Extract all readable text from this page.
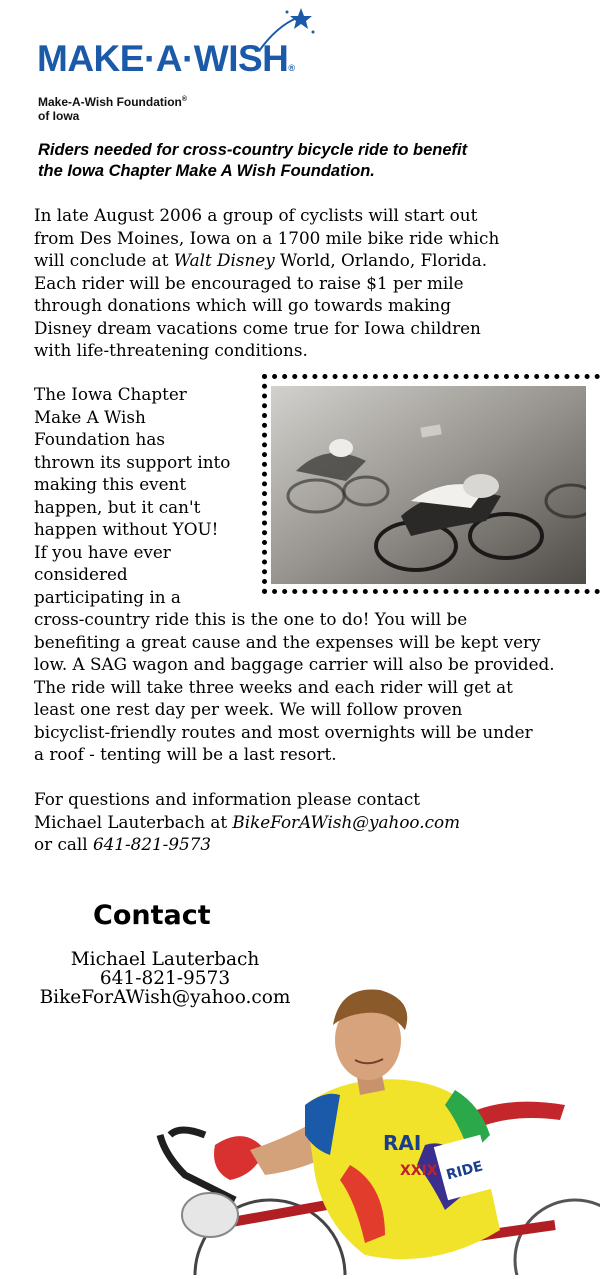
MAKE·A·WISH®
Make-A-Wish Foundation®
of Iowa
Riders needed for cross-country bicycle ride to benefit
the Iowa Chapter Make A Wish Foundation.
In late August 2006 a group of cyclists will start out
from Des Moines, Iowa on a 1700 mile bike ride which
will conclude at Walt Disney World, Orlando, Florida.
Each rider will be encouraged to raise $1 per mile
through donations which will go towards making
Disney dream vacations come true for Iowa children
with life-threatening conditions.
The Iowa Chapter
Make A Wish
Foundation has
thrown its support into
making this event
happen, but it can't
happen without YOU!
If you have ever
considered
participating in a
cross-country ride this is the one to do! You will be
benefiting a great cause and the expenses will be kept very
low. A SAG wagon and baggage carrier will also be provided.
The ride will take three weeks and each rider will get at
least one rest day per week. We will follow proven
bicyclist-friendly routes and most overnights will be under
a roof - tenting will be a last resort.
For questions and information please contact
Michael Lauterbach at BikeForAWish@yahoo.com
or call 641-821-9573
Contact
Michael Lauterbach
641-821-9573
BikeForAWish@yahoo.com
RIDE
RAI
XXIX
